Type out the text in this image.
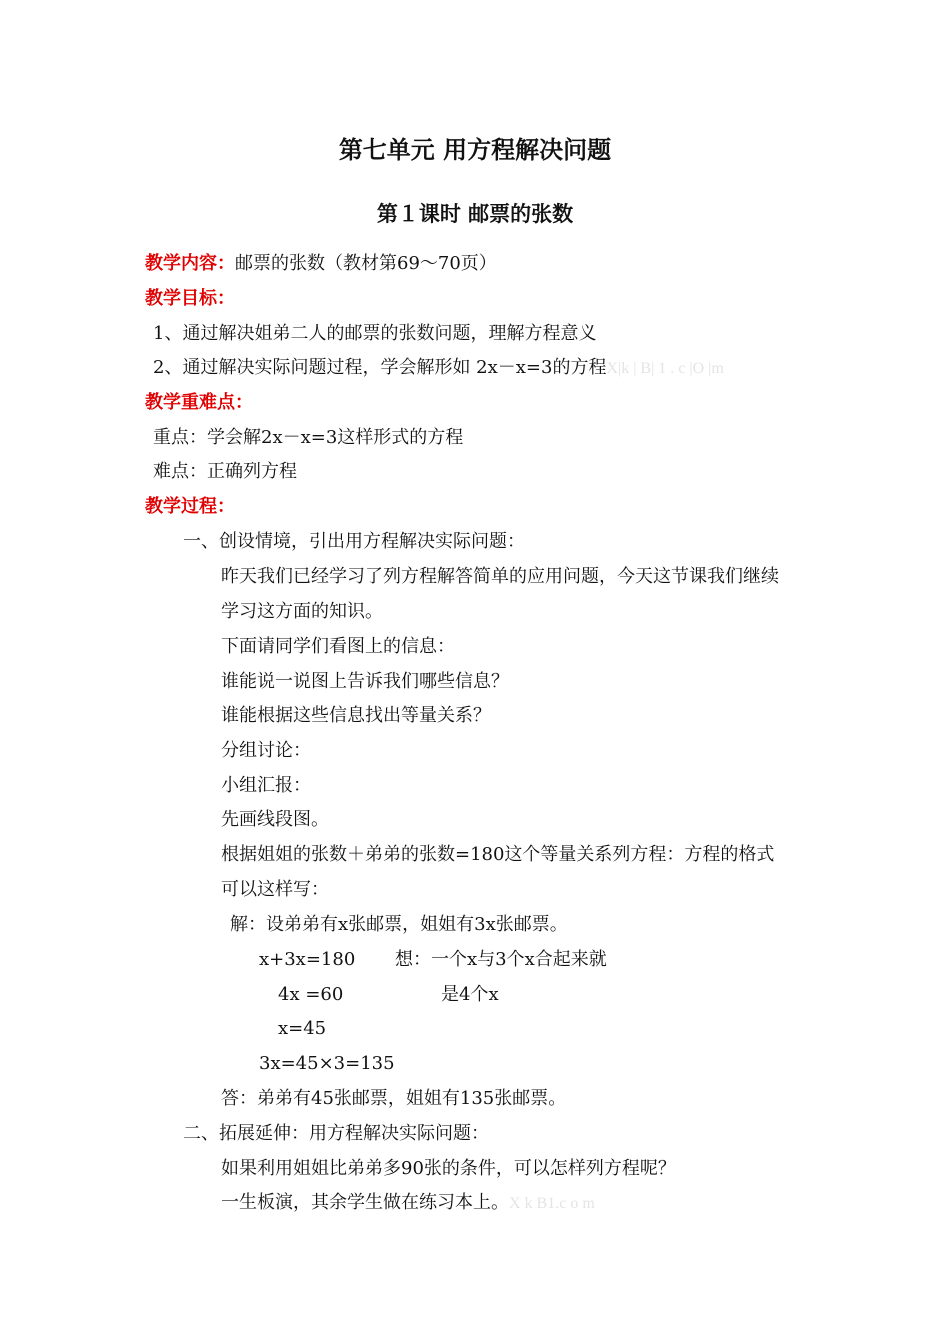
第七单元 用方程解决问题
第１课时 邮票的张数
教学内容：邮票的张数（教材第69～70页）
教学目标：
1、通过解决姐弟二人的邮票的张数问题，理解方程意义
2、通过解决实际问题过程，学会解形如 2x－x=3的方程X|k | B| 1 . c |O |m
教学重难点：
重点：学会解2x－x=3这样形式的方程
难点：正确列方程
教学过程：
一、创设情境，引出用方程解决实际问题：
昨天我们已经学习了列方程解答简单的应用问题，今天这节课我们继续
学习这方面的知识。
下面请同学们看图上的信息：
谁能说一说图上告诉我们哪些信息？
谁能根据这些信息找出等量关系？
分组讨论：
小组汇报：
先画线段图。
根据姐姐的张数＋弟弟的张数=180这个等量关系列方程：方程的格式
可以这样写：
解：设弟弟有x张邮票，姐姐有3x张邮票。
x+3x=180 想：一个x与3个x合起来就
4x =60	是4个x
x=45
3x=45×3=135
答：弟弟有45张邮票，姐姐有135张邮票。
二、拓展延伸：用方程解决实际问题：
如果利用姐姐比弟弟多90张的条件，可以怎样列方程呢？
一生板演，其余学生做在练习本上。X k B1.c o m
